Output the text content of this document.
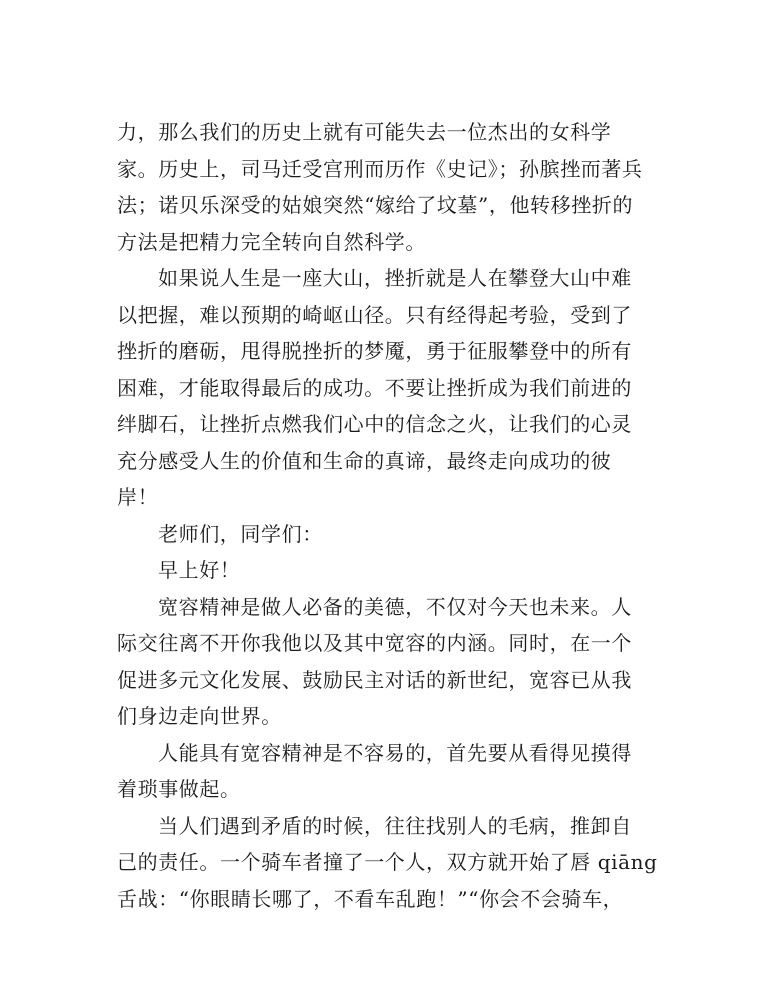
力，那么我们的历史上就有可能失去一位杰出的女科学
家。历史上，司马迁受宫刑而历作《史记》；孙膑挫而著兵
法；诺贝乐深受的姑娘突然“嫁给了坟墓”，他转移挫折的
方法是把精力完全转向自然科学。
如果说人生是一座大山，挫折就是人在攀登大山中难
以把握，难以预期的崎岖山径。只有经得起考验，受到了
挫折的磨砺，甩得脱挫折的梦魇，勇于征服攀登中的所有
困难，才能取得最后的成功。不要让挫折成为我们前进的
绊脚石，让挫折点燃我们心中的信念之火，让我们的心灵
充分感受人生的价值和生命的真谛，最终走向成功的彼
岸！
老师们，同学们：
早上好！
宽容精神是做人必备的美德，不仅对今天也未来。人
际交往离不开你我他以及其中宽容的内涵。同时，在一个
促进多元文化发展、鼓励民主对话的新世纪，宽容已从我
们身边走向世界。
人能具有宽容精神是不容易的，首先要从看得见摸得
着琐事做起。
当人们遇到矛盾的时候，往往找别人的毛病，推卸自
己的责任。一个骑车者撞了一个人，双方就开始了唇 qiāng
舌战：“你眼睛长哪了，不看车乱跑！”“你会不会骑车，
